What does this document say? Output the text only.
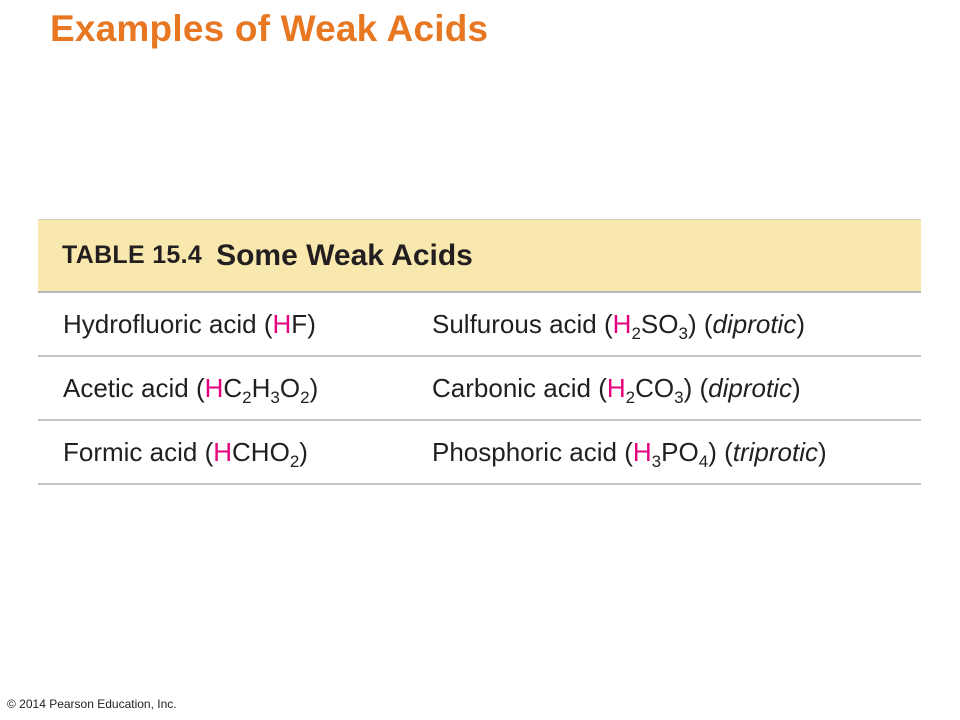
Examples of Weak Acids
TABLE 15.4 Some Weak Acids
Hydrofluoric acid (HF)	Sulfurous acid $(H_2SO_3)$ (diprotic)
Acetic acid $(HC_2H_3O_2)$	Carbonic acid $(H_2CO_3)$ (diprotic)
Formic acid $(HCHO_2)$	Phosphoric acid $(H_3PO_4)$ (triprotic)
© 2014 Pearson Education, Inc.
